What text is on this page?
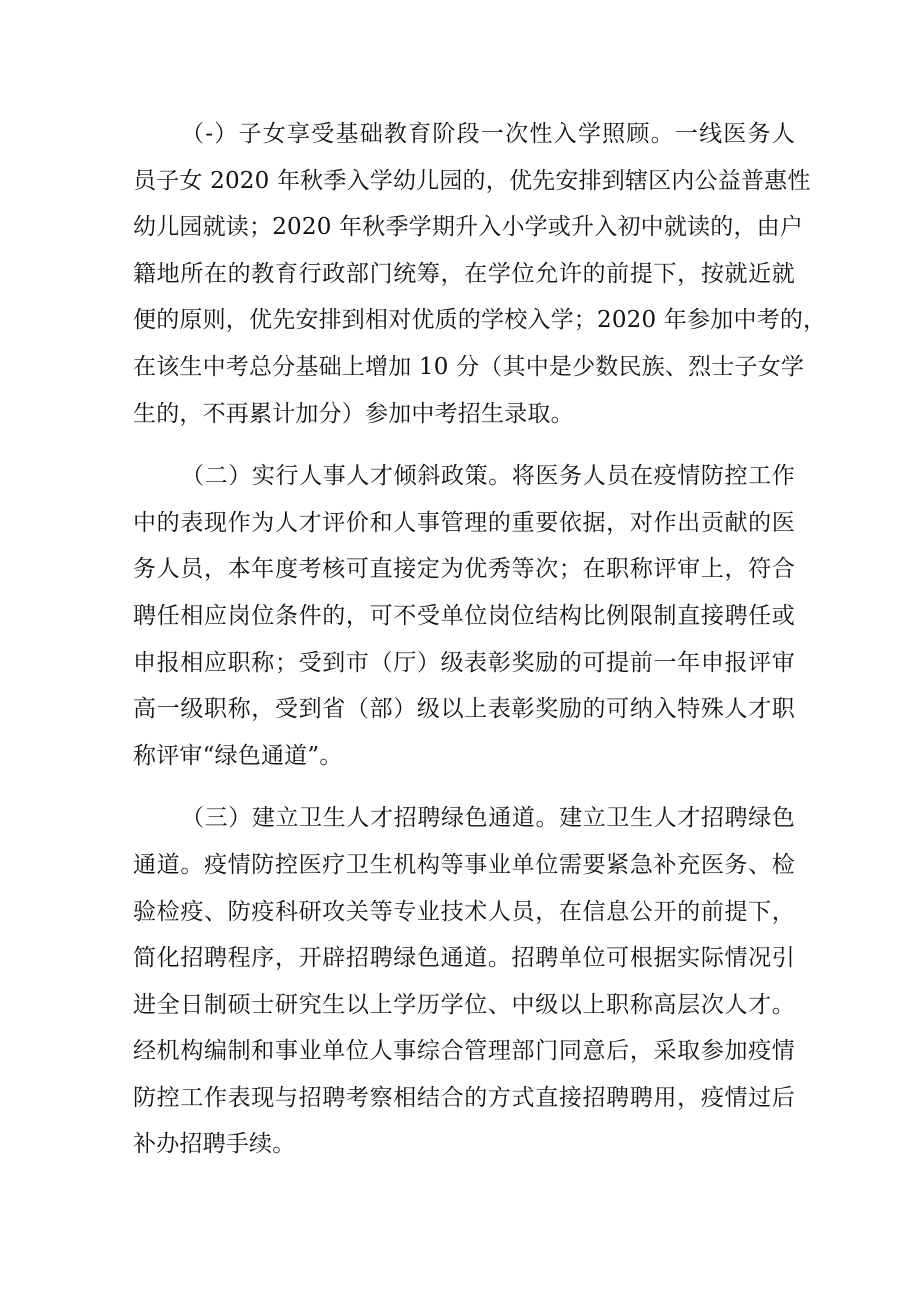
（-）子女享受基础教育阶段一次性入学照顾。一线医务人
员子女 2020 年秋季入学幼儿园的，优先安排到辖区内公益普惠性
幼儿园就读；2020 年秋季学期升入小学或升入初中就读的，由户
籍地所在的教育行政部门统筹，在学位允许的前提下，按就近就
便的原则，优先安排到相对优质的学校入学；2020 年参加中考的，
在该生中考总分基础上增加 10 分（其中是少数民族、烈士子女学
生的，不再累计加分）参加中考招生录取。
（二）实行人事人才倾斜政策。将医务人员在疫情防控工作
中的表现作为人才评价和人事管理的重要依据，对作出贡献的医
务人员，本年度考核可直接定为优秀等次；在职称评审上，符合
聘任相应岗位条件的，可不受单位岗位结构比例限制直接聘任或
申报相应职称；受到市（厅）级表彰奖励的可提前一年申报评审
高一级职称，受到省（部）级以上表彰奖励的可纳入特殊人才职
称评审“绿色通道”。
（三）建立卫生人才招聘绿色通道。建立卫生人才招聘绿色
通道。疫情防控医疗卫生机构等事业单位需要紧急补充医务、检
验检疫、防疫科研攻关等专业技术人员，在信息公开的前提下，
简化招聘程序，开辟招聘绿色通道。招聘单位可根据实际情况引
进全日制硕士研究生以上学历学位、中级以上职称高层次人才。
经机构编制和事业单位人事综合管理部门同意后，采取参加疫情
防控工作表现与招聘考察相结合的方式直接招聘聘用，疫情过后
补办招聘手续。
